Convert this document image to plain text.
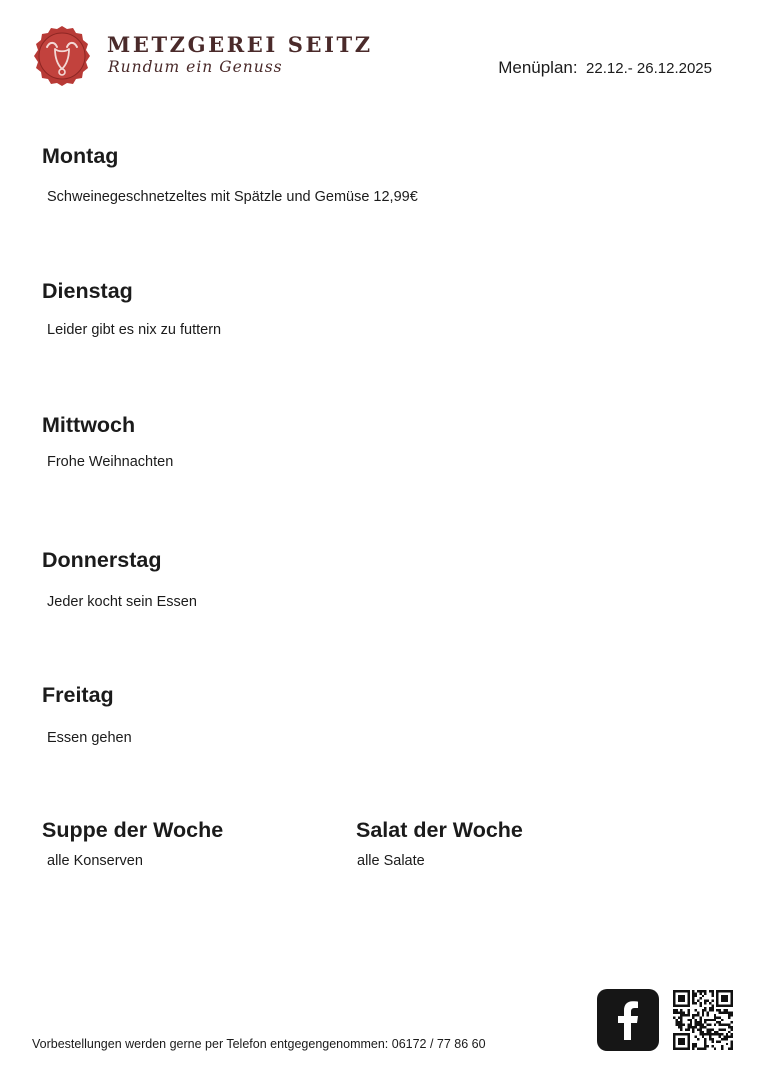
METZGEREI SEITZ
Rundum ein Genuss	Menüplan: 22.12.- 26.12.2025
Montag

Schweinegeschnetzeltes mit Spätzle und Gemüse 12,99€

Dienstag

Leider gibt es nix zu futtern

Mittwoch

Frohe Weihnachten

Donnerstag

Jeder kocht sein Essen

Freitag

Essen gehen

Suppe der Woche

alle Konserven

Salat der Woche

alle Salate

Vorbestellungen werden gerne per Telefon entgegengenommen: 06172 / 77 86 60
